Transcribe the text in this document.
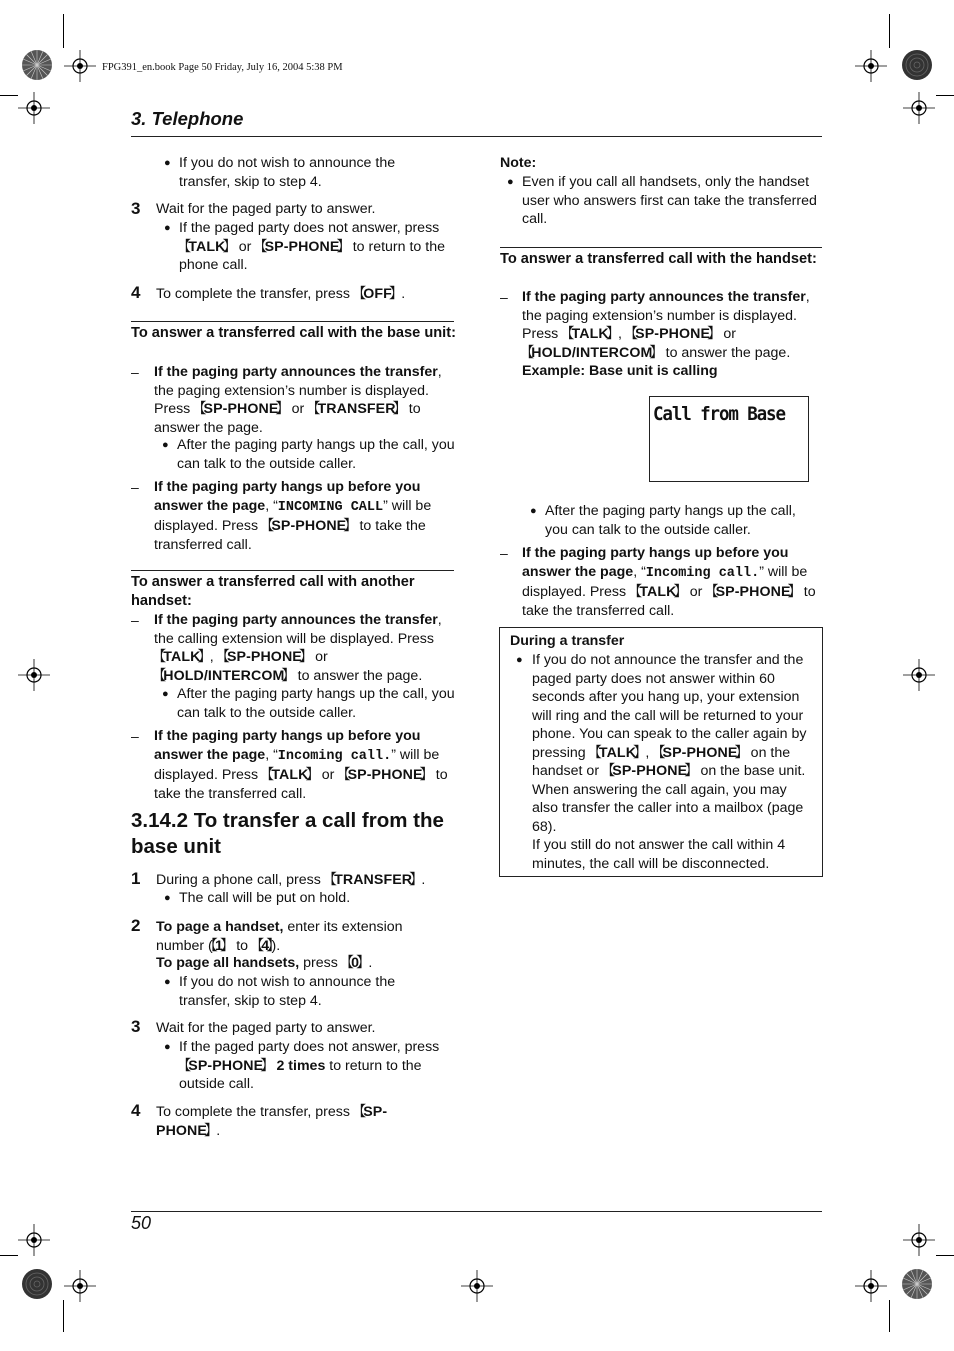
FPG391_en.book Page 50 Friday, July 16, 2004 5:38 PM
3. Telephone
● If you do not wish to announce the transfer, skip to step 4.
3 Wait for the paged party to answer.
● If the paged party does not answer, press 【 TALK 】 or 【 SP-PHONE 】 to return to the phone call.
4 To complete the transfer, press 【 OFF 】 .
To answer a transferred call with the base unit:
– If the paging party announces the transfer, the paging extension’s number is displayed. Press 【 SP-PHONE 】 or 【 TRANSFER 】 to answer the page.
● After the paging party hangs up the call, you can talk to the outside caller.
– If the paging party hangs up before you answer the page, “INCOMING CALL” will be displayed. Press 【 SP-PHONE 】 to take the transferred call.
To answer a transferred call with another handset:
– If the paging party announces the transfer, the calling extension will be displayed. Press 【 TALK 】 , 【 SP-PHONE 】 or 【 HOLD/INTERCOM 】 to answer the page.
● After the paging party hangs up the call, you can talk to the outside caller.
– If the paging party hangs up before you answer the page, “Incoming call.” will be displayed. Press 【 TALK 】 or 【 SP-PHONE 】 to take the transferred call.
3.14.2 To transfer a call from the base unit
1 During a phone call, press 【 TRANSFER 】 .
● The call will be put on hold.
2 To page a handset, enter its extension number (【 1 】 to 【 4 】 ).
To page all handsets, press 【 0 】 .
● If you do not wish to announce the transfer, skip to step 4.
3 Wait for the paged party to answer.
● If the paged party does not answer, press 【 SP-PHONE 】 2 times to return to the outside call.
4 To complete the transfer, press 【 SP-PHONE 】 .
Note:
● Even if you call all handsets, only the handset user who answers first can take the transferred call.
To answer a transferred call with the handset:
– If the paging party announces the transfer, the paging extension’s number is displayed. Press 【 TALK 】 , 【 SP-PHONE 】 or 【 HOLD/INTERCOM 】 to answer the page.
Example: Base unit is calling
Call from Base
● After the paging party hangs up the call, you can talk to the outside caller.
– If the paging party hangs up before you answer the page, “Incoming call.” will be displayed. Press 【 TALK 】 or 【 SP-PHONE 】 to take the transferred call.
During a transfer
● If you do not announce the transfer and the paged party does not answer within 60 seconds after you hang up, your extension will ring and the call will be returned to your phone. You can speak to the caller again by pressing 【 TALK 】 , 【 SP-PHONE 】 on the handset or 【 SP-PHONE 】 on the base unit. When answering the call again, you may also transfer the caller into a mailbox (page 68).
If you still do not answer the call within 4 minutes, the call will be disconnected.
50
